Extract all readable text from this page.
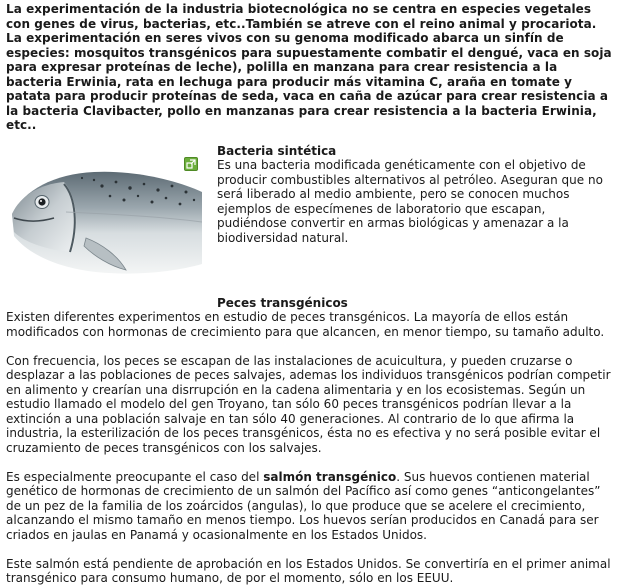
La experimentación de la industria biotecnológica no se centra en especies vegetales con genes de virus, bacterias, etc..También se atreve con el reino animal y procariota. La experimentación en seres vivos con su genoma modificado abarca un sinfín de especies: mosquitos transgénicos para supuestamente combatir el dengué, vaca en soja para expresar proteínas de leche), polilla en manzana para crear resistencia a la bacteria Erwinia, rata en lechuga para producir más vitamina C, araña en tomate y patata para producir proteínas de seda, vaca en caña de azúcar para crear resistencia a la bacteria Clavibacter, pollo en manzanas para crear resistencia a la bacteria Erwinia, etc..

Bacteria sintética

Es una bacteria modificada genéticamente con el objetivo de producir combustibles alternativos al petróleo. Asegur​an que no será liberado al medio ambiente, pero se conocen muchos ejemplos de especímenes de laboratorio que escapan, pudiéndose convertir en armas biológicas y amenazar a la biodiversidad natural.

Peces transgénicos

Existen diferentes experimentos en estudio de peces transgénicos. La mayoría de ellos están modificados con hormonas de crecimiento para que alcancen, en menor tiempo, su tamaño adulto.

Con frecuencia, los peces se escapan de las instalaciones de acuicultura, y pueden cruzarse o desplazar a las poblaciones de peces salvajes, ademas los individuos transgénicos podrían competir en alimento y crearían una disrrupción en la cadena alimentaria y en los ecosistemas. Según un estudio llamado el modelo del gen Troyano, tan sólo 60 peces transgénicos podrían llevar a la extinción a una población salvaje en tan sólo 40 generaciones. Al contrario de lo que afirma la industria, la esterilización de los peces transgénicos, ésta no es efectiva y no será posible evitar el cruzamiento de peces transgénicos con los salvajes.

Es especialmente preocupante el caso del salmón transgénico. Sus huevos contienen material genético de hormonas de crecimiento de un salmón del Pacífico así como genes “anticongelantes” de un pez de la familia de los zoárcidos (angulas), lo que produce que se acelere el crecimiento, alcanzando el mismo tamaño en menos tiempo. Los huevos serían producidos en Canadá para ser criados en jaulas en Panamá y ocasionalmente en los Estados Unidos.

Este salmón está pendiente de aprobación en los Estados Unidos. Se convertiría en el primer animal transgénico para consumo humano, de por el momento, sólo en los EEUU.
